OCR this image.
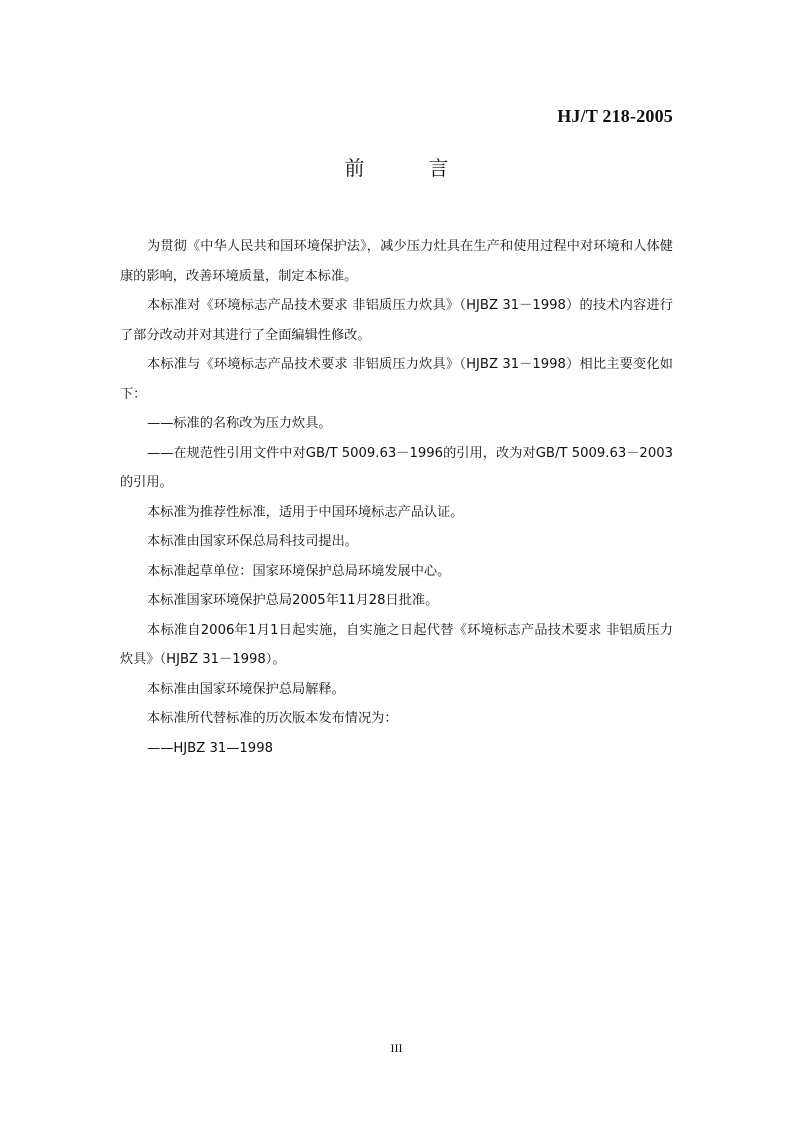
HJ/T 218-2005
前　言

为贯彻《中华人民共和国环境保护法》，减少压力灶具在生产和使用过程中对环境和人体健康的影响，改善环境质量，制定本标准。

本标准对《环境标志产品技术要求 非铝质压力炊具》（HJBZ 31－1998）的技术内容进行了部分改动并对其进行了全面编辑性修改。

本标准与《环境标志产品技术要求 非铝质压力炊具》（HJBZ 31－1998）相比主要变化如下：

——标准的名称改为压力炊具。

——在规范性引用文件中对GB/T 5009.63－1996的引用，改为对GB/T 5009.63－2003的引用。

本标准为推荐性标准，适用于中国环境标志产品认证。

本标准由国家环保总局科技司提出。

本标准起草单位：国家环境保护总局环境发展中心。

本标准国家环境保护总局2005年11月28日批准。

本标准自2006年1月1日起实施，自实施之日起代替《环境标志产品技术要求 非铝质压力炊具》（HJBZ 31－1998）。

本标准由国家环境保护总局解释。

本标准所代替标准的历次版本发布情况为：

——HJBZ 31—1998

III
